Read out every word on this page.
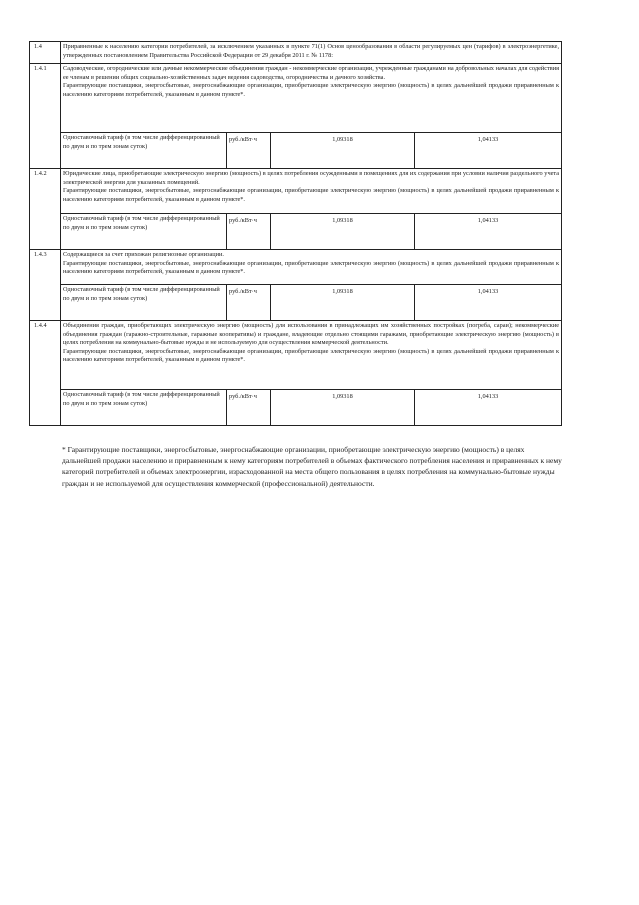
1.4	Приравненные к населению категории потребителей, за исключением указанных в пункте 71(1) Основ ценообразования в области регулируемых цен (тарифов) в электроэнергетике, утвержденных постановлением Правительства Российской Федерации от 29 декабря 2011 г. № 1178:			
1.4.1	Садоводческие, огороднические или дачные некоммерческие объединения граждан - некоммерческие организации, учрежденные гражданами на добровольных началах для содействия ее членам в решении общих социально-хозяйственных задач ведения садоводства, огородничества и дачного хозяйства.
Гарантирующие поставщики, энергосбытовые, энергоснабжающие организации, приобретающие электрическую энергию (мощность) в целях дальнейшей продажи приравненным к населению категориям потребителей, указанным в данном пункте*.			

	Одноставочный тариф (в том числе дифференцированный по двум и по трем зонам суток)	руб./кВт·ч	1,09318	1,04133
1.4.2	Юридические лица, приобретающие электрическую энергию (мощность) в целях потребления осужденными в помещениях для их содержания при условии наличия раздельного учета электрической энергии для указанных помещений.
Гарантирующие поставщики, энергосбытовые, энергоснабжающие организации, приобретающие электрическую энергию (мощность) в целях дальнейшей продажи приравненным к населению категориям потребителей, указанным в данном пункте*.			

	Одноставочный тариф (в том числе дифференцированный по двум и по трем зонам суток)	руб./кВт·ч	1,09318	1,04133
1.4.3	Содержащиеся за счет прихожан религиозные организации.
Гарантирующие поставщики, энергосбытовые, энергоснабжающие организации, приобретающие электрическую энергию (мощность) в целях дальнейшей продажи приравненным к населению категориям потребителей, указанным в данном пункте*.			

	Одноставочный тариф (в том числе дифференцированный по двум и по трем зонам суток)	руб./кВт·ч	1,09318	1,04133
1.4.4	Объединения граждан, приобретающих электрическую энергию (мощность) для использования в принадлежащих им хозяйственных постройках (погреба, сараи); некоммерческие объединения граждан (гаражно-строительные, гаражные кооперативы) и граждане, владеющие отдельно стоящими гаражами, приобретающие электрическую энергию (мощность) в целях потребления на коммунально-бытовые нужды и не используемую для осуществления коммерческой деятельности.
Гарантирующие поставщики, энергосбытовые, энергоснабжающие организации, приобретающие электрическую энергию (мощность) в целях дальнейшей продажи приравненным к населению категориям потребителей, указанным в данном пункте*.			

	Одноставочный тариф (в том числе дифференцированный по двум и по трем зонам суток)	руб./кВт·ч	1,09318	1,04133
* Гарантирующие поставщики, энергосбытовые, энергоснабжающие организации, приобретающие электрическую энергию (мощность) в целях дальнейшей продажи населению и приравненным к нему категориям потребителей в объемах фактического потребления населения и приравненных к нему категорий потребителей и объемах электроэнергии, израсходованной на места общего пользования в целях потребления на коммунально-бытовые нужды граждан и не используемой для осуществления коммерческой (профессиональной) деятельности.
